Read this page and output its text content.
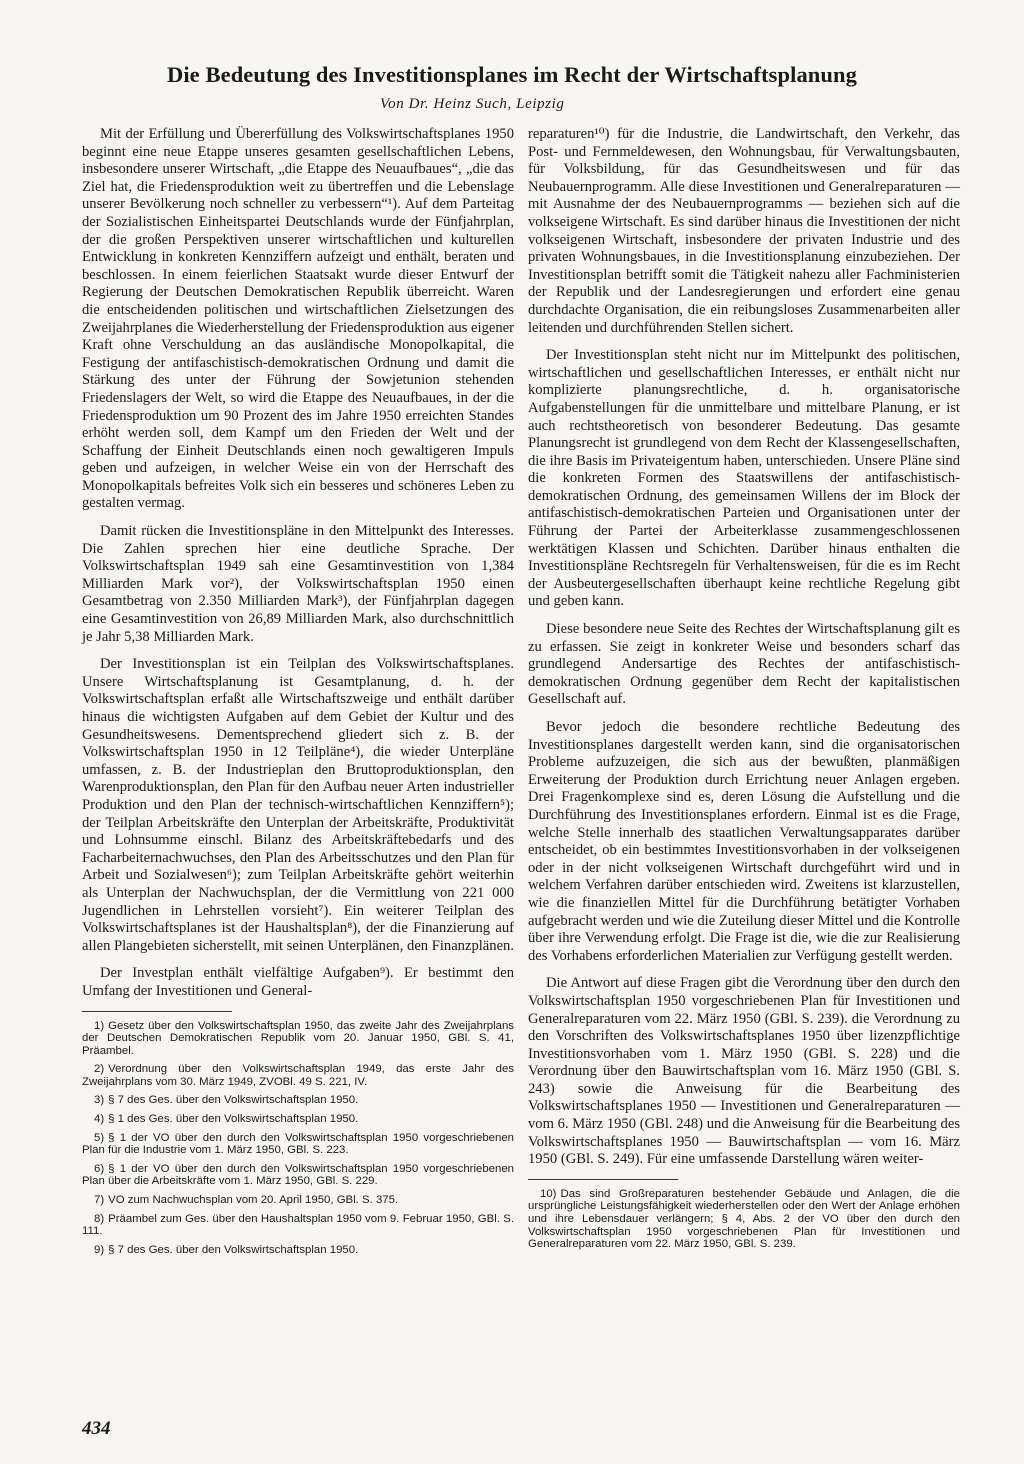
Die Bedeutung des Investitionsplanes im Recht der Wirtschaftsplanung

Von Dr. Heinz Such, Leipzig

Mit der Erfüllung und Übererfüllung des Volkswirtschaftsplanes 1950 beginnt eine neue Etappe unseres gesamten gesellschaftlichen Lebens, insbesondere unserer Wirtschaft, „die Etappe des Neuaufbaues“, „die das Ziel hat, die Friedensproduktion weit zu übertreffen und die Lebenslage unserer Bevölkerung noch schneller zu verbessern“¹). Auf dem Parteitag der Sozialistischen Einheitspartei Deutschlands wurde der Fünfjahrplan, der die großen Perspektiven unserer wirtschaftlichen und kulturellen Entwicklung in konkreten Kennziffern aufzeigt und enthält, beraten und beschlossen. In einem feierlichen Staatsakt wurde dieser Entwurf der Regierung der Deutschen Demokratischen Republik überreicht. Waren die entscheidenden politischen und wirtschaftlichen Zielsetzungen des Zweijahrplanes die Wiederherstellung der Friedensproduktion aus eigener Kraft ohne Verschuldung an das ausländische Monopolkapital, die Festigung der antifaschistisch-demokratischen Ordnung und damit die Stärkung des unter der Führung der Sowjetunion stehenden Friedenslagers der Welt, so wird die Etappe des Neuaufbaues, in der die Friedensproduktion um 90 Prozent des im Jahre 1950 erreichten Standes erhöht werden soll, dem Kampf um den Frieden der Welt und der Schaffung der Einheit Deutschlands einen noch gewaltigeren Impuls geben und aufzeigen, in welcher Weise ein von der Herrschaft des Monopolkapitals befreites Volk sich ein besseres und schöneres Leben zu gestalten vermag.

Damit rücken die Investitionspläne in den Mittelpunkt des Interesses. Die Zahlen sprechen hier eine deutliche Sprache. Der Volkswirtschaftsplan 1949 sah eine Gesamtinvestition von 1,384 Milliarden Mark vor²), der Volkswirtschaftsplan 1950 einen Gesamtbetrag von 2.350 Milliarden Mark³), der Fünfjahrplan dagegen eine Gesamtinvestition von 26,89 Milliarden Mark, also durchschnittlich je Jahr 5,38 Milliarden Mark.

Der Investitionsplan ist ein Teilplan des Volkswirtschaftsplanes. Unsere Wirtschaftsplanung ist Gesamtplanung, d. h. der Volkswirtschaftsplan erfaßt alle Wirtschaftszweige und enthält darüber hinaus die wichtigsten Aufgaben auf dem Gebiet der Kultur und des Gesundheitswesens. Dementsprechend gliedert sich z. B. der Volkswirtschaftsplan 1950 in 12 Teilpläne⁴), die wieder Unterpläne umfassen, z. B. der Industrieplan den Bruttoproduktionsplan, den Warenproduktionsplan, den Plan für den Aufbau neuer Arten industrieller Produktion und den Plan der technisch-wirtschaftlichen Kennziffern⁵); der Teilplan Arbeitskräfte den Unterplan der Arbeitskräfte, Produktivität und Lohnsumme einschl. Bilanz des Arbeitskräftebedarfs und des Facharbeiternachwuchses, den Plan des Arbeitsschutzes und den Plan für Arbeit und Sozialwesen⁶); zum Teilplan Arbeitskräfte gehört weiterhin als Unterplan der Nachwuchsplan, der die Vermittlung von 221 000 Jugendlichen in Lehrstellen vorsieht⁷). Ein weiterer Teilplan des Volkswirtschaftsplanes ist der Haushaltsplan⁸), der die Finanzierung auf allen Plangebieten sicherstellt, mit seinen Unterplänen, den Finanzplänen.

Der Investplan enthält vielfältige Aufgaben⁹). Er bestimmt den Umfang der Investitionen und General-

1) Gesetz über den Volkswirtschaftsplan 1950, das zweite Jahr des Zweijahrplans der Deutschen Demokratischen Republik vom 20. Januar 1950, GBl. S. 41, Präambel.

2) Verordnung über den Volkswirtschaftsplan 1949, das erste Jahr des Zweijahrplans vom 30. März 1949, ZVOBl. 49 S. 221, IV.

3) § 7 des Ges. über den Volkswirtschaftsplan 1950.

4) § 1 des Ges. über den Volkswirtschaftsplan 1950.

5) § 1 der VO über den durch den Volkswirtschaftsplan 1950 vorgeschriebenen Plan für die Industrie vom 1. März 1950, GBl. S. 223.

6) § 1 der VO über den durch den Volkswirtschaftsplan 1950 vorgeschriebenen Plan über die Arbeitskräfte vom 1. März 1950, GBl. S. 229.

7) VO zum Nachwuchsplan vom 20. April 1950, GBl. S. 375.

8) Präambel zum Ges. über den Haushaltsplan 1950 vom 9. Februar 1950, GBl. S. 111.

9) § 7 des Ges. über den Volkswirtschaftsplan 1950.

reparaturen¹⁰) für die Industrie, die Landwirtschaft, den Verkehr, das Post- und Fernmeldewesen, den Wohnungsbau, für Verwaltungsbauten, für Volksbildung, für das Gesundheitswesen und für das Neubauernprogramm. Alle diese Investitionen und Generalreparaturen — mit Ausnahme der des Neubauernprogramms — beziehen sich auf die volkseigene Wirtschaft. Es sind darüber hinaus die Investitionen der nicht volkseigenen Wirtschaft, insbesondere der privaten Industrie und des privaten Wohnungsbaues, in die Investitionsplanung einzubeziehen. Der Investitionsplan betrifft somit die Tätigkeit nahezu aller Fachministerien der Republik und der Landesregierungen und erfordert eine genau durchdachte Organisation, die ein reibungsloses Zusammenarbeiten aller leitenden und durchführenden Stellen sichert.

Der Investitionsplan steht nicht nur im Mittelpunkt des politischen, wirtschaftlichen und gesellschaftlichen Interesses, er enthält nicht nur komplizierte planungsrechtliche, d. h. organisatorische Aufgabenstellungen für die unmittelbare und mittelbare Planung, er ist auch rechtstheoretisch von besonderer Bedeutung. Das gesamte Planungsrecht ist grundlegend von dem Recht der Klassengesellschaften, die ihre Basis im Privateigentum haben, unterschieden. Unsere Pläne sind die konkreten Formen des Staatswillens der antifaschistisch-demokratischen Ordnung, des gemeinsamen Willens der im Block der antifaschistisch-demokratischen Parteien und Organisationen unter der Führung der Partei der Arbeiterklasse zusammengeschlossenen werktätigen Klassen und Schichten. Darüber hinaus enthalten die Investitionspläne Rechtsregeln für Verhaltensweisen, für die es im Recht der Ausbeutergesellschaften überhaupt keine rechtliche Regelung gibt und geben kann.

Diese besondere neue Seite des Rechtes der Wirtschaftsplanung gilt es zu erfassen. Sie zeigt in konkreter Weise und besonders scharf das grundlegend Andersartige des Rechtes der antifaschistisch-demokratischen Ordnung gegenüber dem Recht der kapitalistischen Gesellschaft auf.

Bevor jedoch die besondere rechtliche Bedeutung des Investitionsplanes dargestellt werden kann, sind die organisatorischen Probleme aufzuzeigen, die sich aus der bewußten, planmäßigen Erweiterung der Produktion durch Errichtung neuer Anlagen ergeben. Drei Fragenkomplexe sind es, deren Lösung die Aufstellung und die Durchführung des Investitionsplanes erfordern. Einmal ist es die Frage, welche Stelle innerhalb des staatlichen Verwaltungsapparates darüber entscheidet, ob ein bestimmtes Investitionsvorhaben in der volkseigenen oder in der nicht volkseigenen Wirtschaft durchgeführt wird und in welchem Verfahren darüber entschieden wird. Zweitens ist klarzustellen, wie die finanziellen Mittel für die Durchführung betätigter Vorhaben aufgebracht werden und wie die Zuteilung dieser Mittel und die Kontrolle über ihre Verwendung erfolgt. Die Frage ist die, wie die zur Realisierung des Vorhabens erforderlichen Materialien zur Verfügung gestellt werden.

Die Antwort auf diese Fragen gibt die Verordnung über den durch den Volkswirtschaftsplan 1950 vorgeschriebenen Plan für Investitionen und Generalreparaturen vom 22. März 1950 (GBl. S. 239). die Verordnung zu den Vorschriften des Volkswirtschaftsplanes 1950 über lizenzpflichtige Investitionsvorhaben vom 1. März 1950 (GBl. S. 228) und die Verordnung über den Bauwirtschaftsplan vom 16. März 1950 (GBl. S. 243) sowie die Anweisung für die Bearbeitung des Volkswirtschaftsplanes 1950 — Investitionen und Generalreparaturen — vom 6. März 1950 (GBl. 248) und die Anweisung für die Bearbeitung des Volkswirtschaftsplanes 1950 — Bauwirtschaftsplan — vom 16. März 1950 (GBl. S. 249). Für eine umfassende Darstellung wären weiter-

10) Das sind Großreparaturen bestehender Gebäude und Anlagen, die die ursprüngliche Leistungsfähigkeit wiederherstellen oder den Wert der Anlage erhöhen und ihre Lebensdauer verlängern; § 4, Abs. 2 der VO über den durch den Volkswirtschaftsplan 1950 vorgeschriebenen Plan für Investitionen und Generalreparaturen vom 22. März 1950, GBl. S. 239.

434
